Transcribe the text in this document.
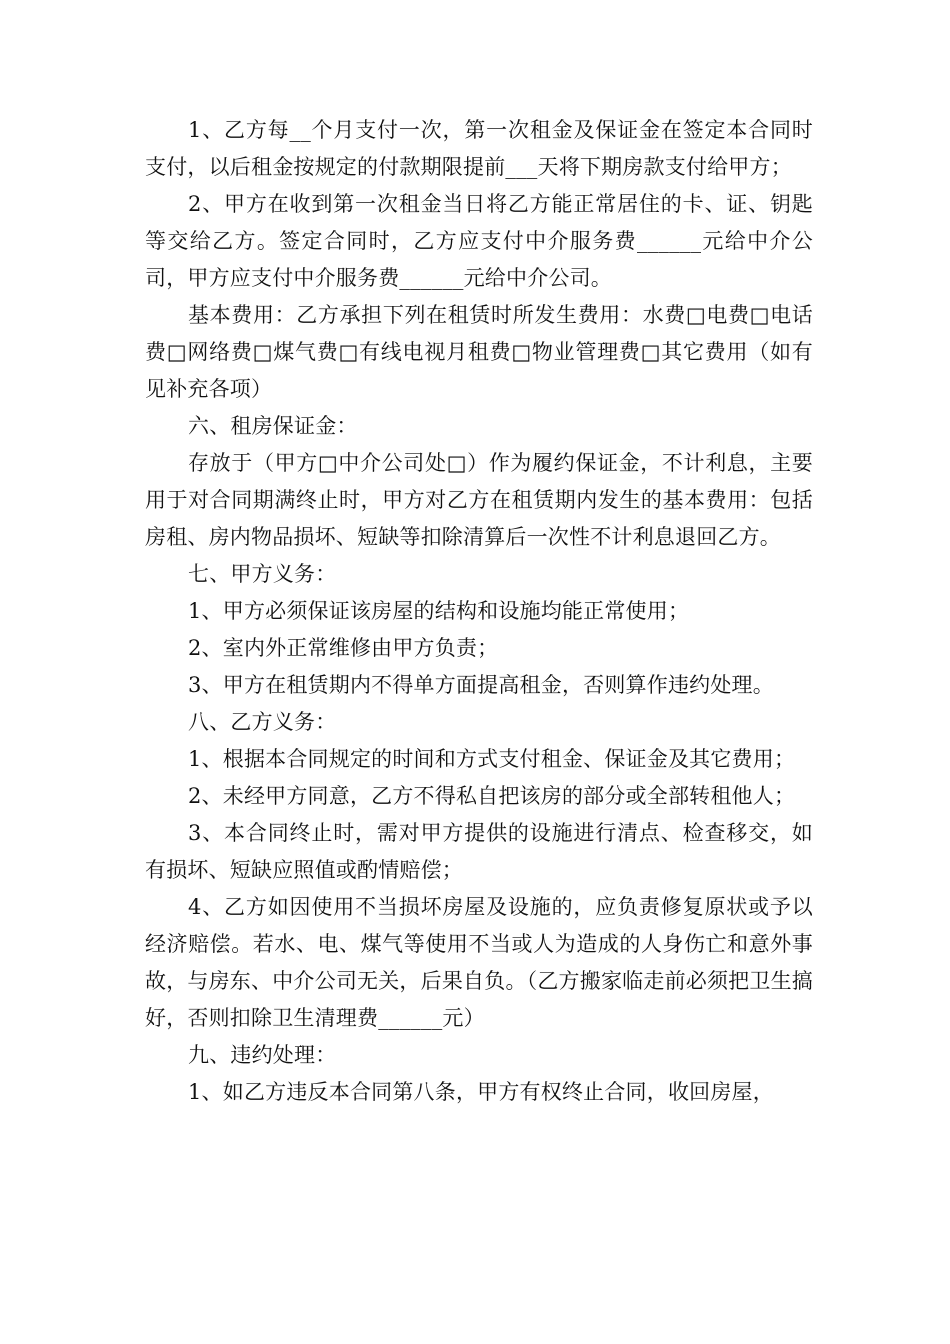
1、乙方每__个月支付一次，第一次租金及保证金在签定本合同时支付，以后租金按规定的付款期限提前___天将下期房款支付给甲方；

2、甲方在收到第一次租金当日将乙方能正常居住的卡、证、钥匙等交给乙方。签定合同时，乙方应支付中介服务费______元给中介公司，甲方应支付中介服务费______元给中介公司。

基本费用：乙方承担下列在租赁时所发生费用：水费□电费□电话费□网络费□煤气费□有线电视月租费□物业管理费□其它费用（如有见补充各项）

六、租房保证金：

存放于（甲方□中介公司处□）作为履约保证金，不计利息，主要用于对合同期满终止时，甲方对乙方在租赁期内发生的基本费用：包括房租、房内物品损坏、短缺等扣除清算后一次性不计利息退回乙方。

七、甲方义务：

1、甲方必须保证该房屋的结构和设施均能正常使用；

2、室内外正常维修由甲方负责；

3、甲方在租赁期内不得单方面提高租金，否则算作违约处理。

八、乙方义务：

1、根据本合同规定的时间和方式支付租金、保证金及其它费用；

2、未经甲方同意，乙方不得私自把该房的部分或全部转租他人；

3、本合同终止时，需对甲方提供的设施进行清点、检查移交，如有损坏、短缺应照值或酌情赔偿；

4、乙方如因使用不当损坏房屋及设施的，应负责修复原状或予以经济赔偿。若水、电、煤气等使用不当或人为造成的人身伤亡和意外事故，与房东、中介公司无关，后果自负。（乙方搬家临走前必须把卫生搞好，否则扣除卫生清理费______元）

九、违约处理：

1、如乙方违反本合同第八条，甲方有权终止合同，收回房屋，
